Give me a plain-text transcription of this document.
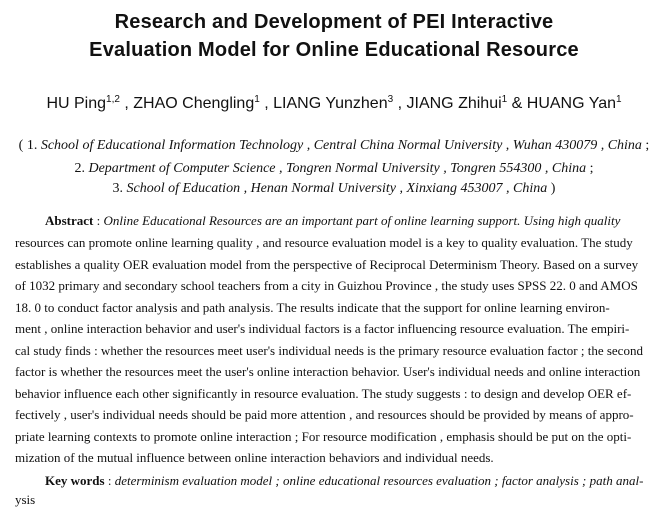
Research and Development of PEI Interactive
Evaluation Model for Online Educational Resource
HU Ping$^{1,2}$ , ZHAO Chengling$^1$ , LIANG Yunzhen$^3$ , JIANG Zhihui$^1$ & HUANG Yan$^1$
( 1. School of Educational Information Technology , Central China Normal University , Wuhan 430079 , China ;
2. Department of Computer Science , Tongren Normal University , Tongren 554300 , China ;
3. School of Education , Henan Normal University , Xinxiang 453007 , China )
Abstract : Online Educational Resources are an important part of online learning support. Using high quality
resources can promote online learning quality , and resource evaluation model is a key to quality evaluation. The study
establishes a quality OER evaluation model from the perspective of Reciprocal Determinism Theory. Based on a survey
of 1032 primary and secondary school teachers from a city in Guizhou Province , the study uses SPSS 22. 0 and AMOS
18. 0 to conduct factor analysis and path analysis. The results indicate that the support for online learning environ-
ment , online interaction behavior and user's individual factors is a factor influencing resource evaluation. The empiri-
cal study finds : whether the resources meet user's individual needs is the primary resource evaluation factor ; the second
factor is whether the resources meet the user's online interaction behavior. User's individual needs and online interaction
behavior influence each other significantly in resource evaluation. The study suggests : to design and develop OER ef-
fectively , user's individual needs should be paid more attention , and resources should be provided by means of appro-
priate learning contexts to promote online interaction ; For resource modification , emphasis should be put on the opti-
mization of the mutual influence between online interaction behaviors and individual needs.
Key words : determinism evaluation model ; online educational resources evaluation ; factor analysis ; path anal-
ysis
